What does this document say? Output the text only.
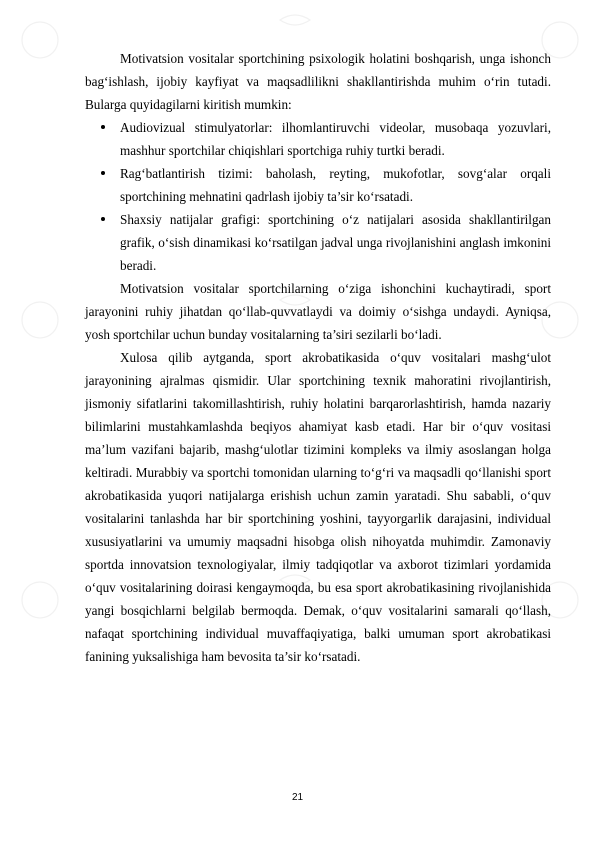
Motivatsion vositalar sportchining psixologik holatini boshqarish, unga ishonch bag‘ishlash, ijobiy kayfiyat va maqsadlilikni shakllantirishda muhim o‘rin tutadi. Bularga quyidagilarni kiritish mumkin:

Audiovizual stimulyatorlar: ilhomlantiruvchi videolar, musobaqa yozuvlari, mashhur sportchilar chiqishlari sportchiga ruhiy turtki beradi.
Rag‘batlantirish tizimi: baholash, reyting, mukofotlar, sovg‘alar orqali sportchining mehnatini qadrlash ijobiy ta’sir ko‘rsatadi.
Shaxsiy natijalar grafigi: sportchining o‘z natijalari asosida shakllantirilgan grafik, o‘sish dinamikasi ko‘rsatilgan jadval unga rivojlanishini anglash imkonini beradi.

Motivatsion vositalar sportchilarning o‘ziga ishonchini kuchaytiradi, sport jarayonini ruhiy jihatdan qo‘llab-quvvatlaydi va doimiy o‘sishga undaydi. Ayniqsa, yosh sportchilar uchun bunday vositalarning ta’siri sezilarli bo‘ladi.

Xulosa qilib aytganda, sport akrobatikasida o‘quv vositalari mashg‘ulot jarayonining ajralmas qismidir. Ular sportchining texnik mahoratini rivojlantirish, jismoniy sifatlarini takomillashtirish, ruhiy holatini barqarorlashtirish, hamda nazariy bilimlarini mustahkamlashda beqiyos ahamiyat kasb etadi. Har bir o‘quv vositasi ma’lum vazifani bajarib, mashg‘ulotlar tizimini kompleks va ilmiy asoslangan holga keltiradi. Murabbiy va sportchi tomonidan ularning to‘g‘ri va maqsadli qo‘llanishi sport akrobatikasida yuqori natijalarga erishish uchun zamin yaratadi. Shu sababli, o‘quv vositalarini tanlashda har bir sportchining yoshini, tayyorgarlik darajasini, individual xususiyatlarini va umumiy maqsadni hisobga olish nihoyatda muhimdir. Zamonaviy sportda innovatsion texnologiyalar, ilmiy tadqiqotlar va axborot tizimlari yordamida o‘quv vositalarining doirasi kengaymoqda, bu esa sport akrobatikasining rivojlanishida yangi bosqichlarni belgilab bermoqda. Demak, o‘quv vositalarini samarali qo‘llash, nafaqat sportchining individual muvaffaqiyatiga, balki umuman sport akrobatikasi fanining yuksalishiga ham bevosita ta’sir ko‘rsatadi.

21
